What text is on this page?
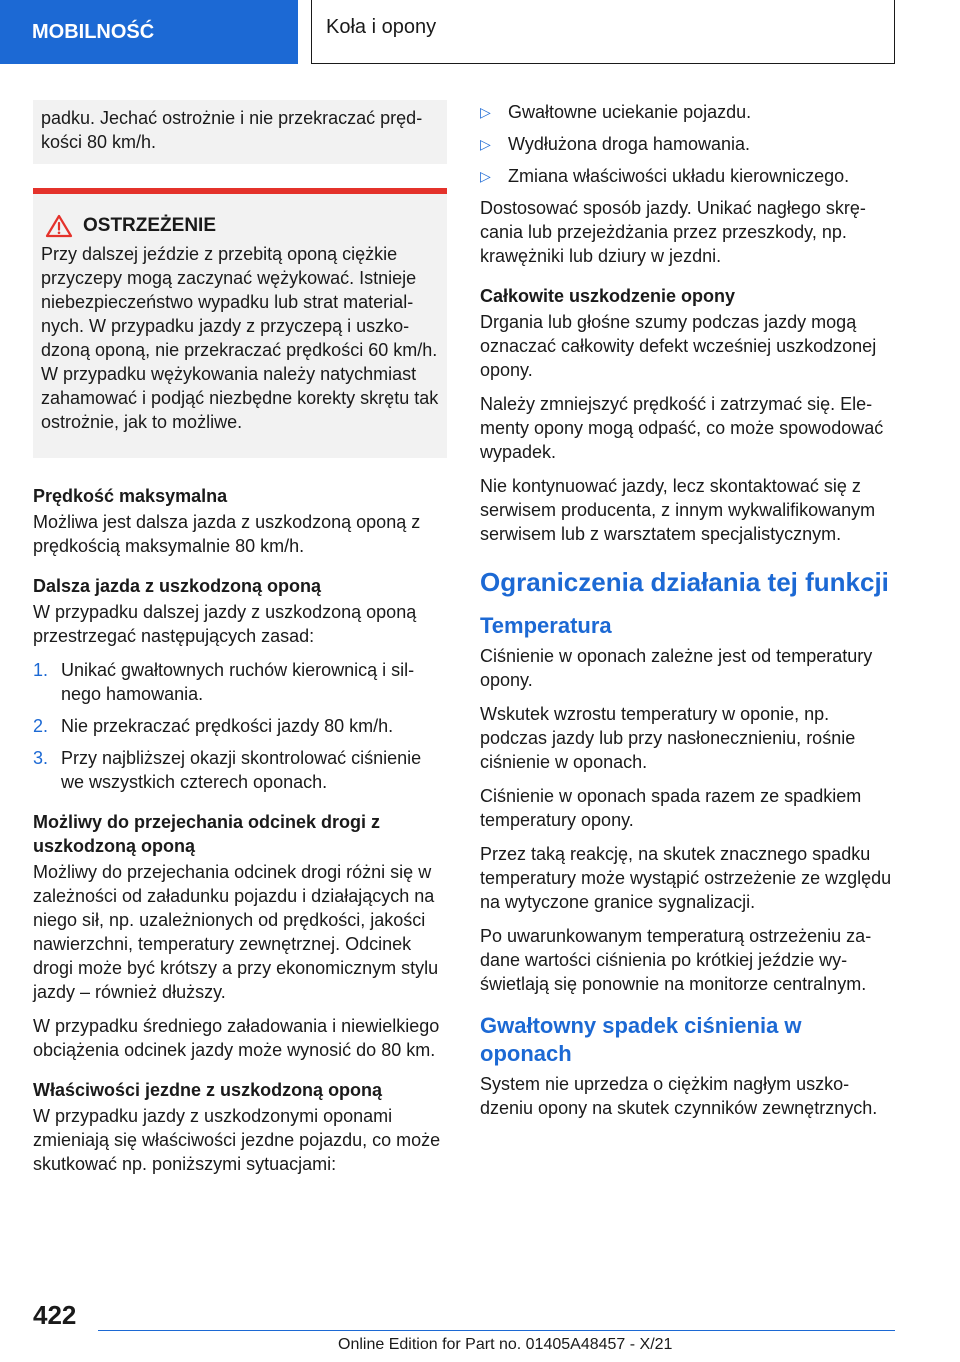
MOBILNOŚĆ	Koła i opony

padku. Jechać ostrożnie i nie przekraczać prędkości 80 km/h.

OSTRZEŻENIE

Przy dalszej jeździe z przebitą oponą ciężkie przyczepy mogą zaczynać wężykować. Istnieje niebezpieczeństwo wypadku lub strat materialnych. W przypadku jazdy z przyczepą i uszkodzoną oponą, nie przekraczać prędkości 60 km/h. W przypadku wężykowania należy natychmiast zahamować i podjąć niezbędne korekty skrętu tak ostrożnie, jak to możliwe.

Prędkość maksymalna

Możliwa jest dalsza jazda z uszkodzoną oponą z prędkością maksymalnie 80 km/h.

Dalsza jazda z uszkodzoną oponą

W przypadku dalszej jazdy z uszkodzoną oponą przestrzegać następujących zasad:

1. Unikać gwałtownych ruchów kierownicą i silnego hamowania.
2. Nie przekraczać prędkości jazdy 80 km/h.
3. Przy najbliższej okazji skontrolować ciśnienie we wszystkich czterech oponach.

Możliwy do przejechania odcinek drogi z uszkodzoną oponą

Możliwy do przejechania odcinek drogi różni się w zależności od załadunku pojazdu i działających na niego sił, np. uzależnionych od prędkości, jakości nawierzchni, temperatury zewnętrznej. Odcinek drogi może być krótszy a przy ekonomicznym stylu jazdy – również dłuższy.

W przypadku średniego załadowania i niewielkiego obciążenia odcinek jazdy może wynosić do 80 km.

Właściwości jezdne z uszkodzoną oponą

W przypadku jazdy z uszkodzonymi oponami zmieniają się właściwości jezdne pojazdu, co może skutkować np. poniższymi sytuacjami:

▷ Gwałtowne uciekanie pojazdu.
▷ Wydłużona droga hamowania.
▷ Zmiana właściwości układu kierowniczego.

Dostosować sposób jazdy. Unikać nagłego skręcania lub przejeżdżania przez przeszkody, np. krawężniki lub dziury w jezdni.

Całkowite uszkodzenie opony

Drgania lub głośne szumy podczas jazdy mogą oznaczać całkowity defekt wcześniej uszkodzonej opony.

Należy zmniejszyć prędkość i zatrzymać się. Elementy opony mogą odpaść, co może spowodować wypadek.

Nie kontynuować jazdy, lecz skontaktować się z serwisem producenta, z innym wykwalifikowanym serwisem lub z warsztatem specjalistycznym.

Ograniczenia działania tej funkcji
Temperatura

Ciśnienie w oponach zależne jest od temperatury opony.

Wskutek wzrostu temperatury w oponie, np. podczas jazdy lub przy nasłonecznieniu, rośnie ciśnienie w oponach.

Ciśnienie w oponach spada razem ze spadkiem temperatury opony.

Przez taką reakcję, na skutek znacznego spadku temperatury może wystąpić ostrzeżenie ze względu na wytyczone granice sygnalizacji.

Po uwarunkowanym temperaturą ostrzeżeniu zadane wartości ciśnienia po krótkiej jeździe wyświetlają się ponownie na monitorze centralnym.

Gwałtowny spadek ciśnienia w oponach

System nie uprzedza o ciężkim nagłym uszkodzeniu opony na skutek czynników zewnętrznych.

422
Online Edition for Part no. 01405A48457 - X/21
